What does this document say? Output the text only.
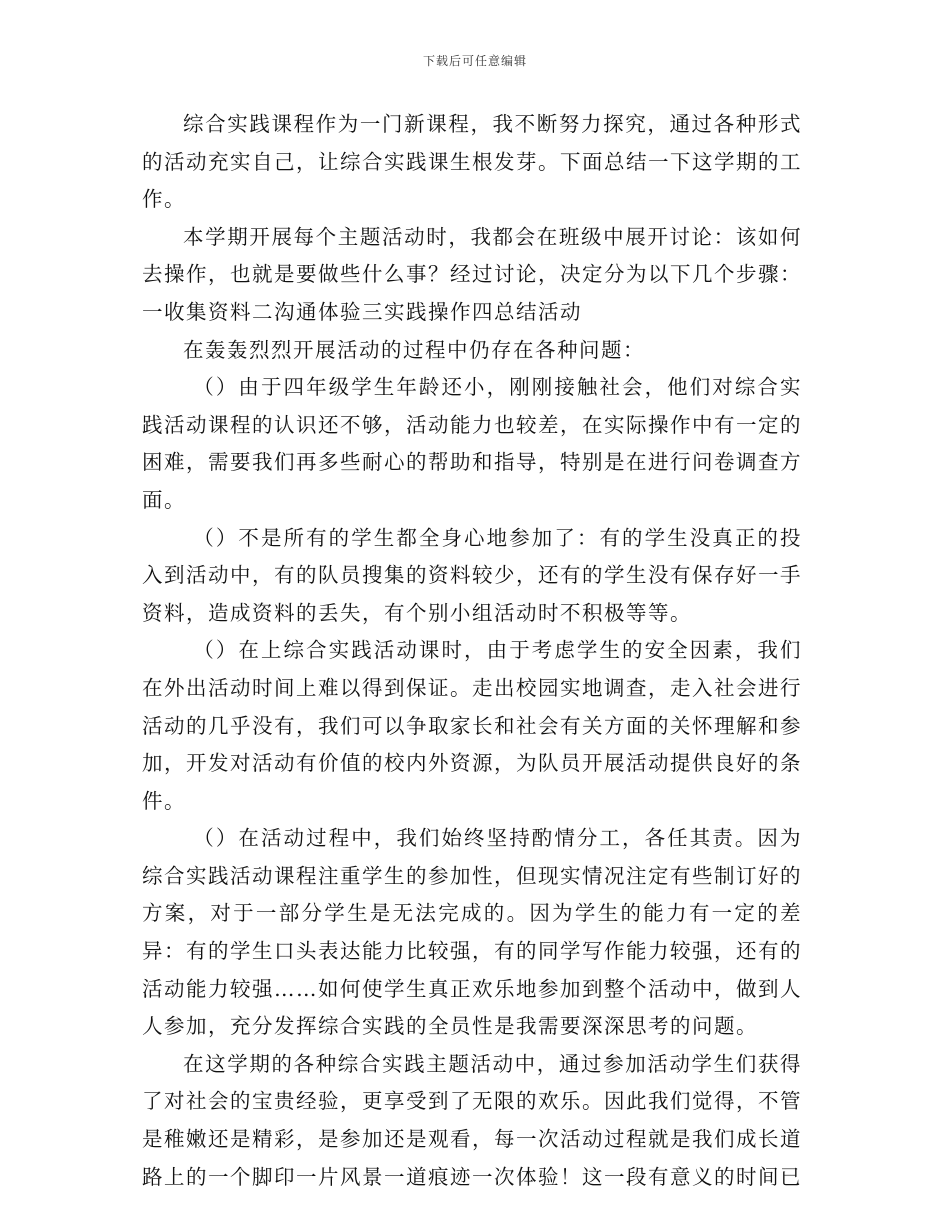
下载后可任意编辑

综合实践课程作为一门新课程，我不断努力探究，通过各种形式的活动充实自己，让综合实践课生根发芽。下面总结一下这学期的工作。

本学期开展每个主题活动时，我都会在班级中展开讨论：该如何去操作，也就是要做些什么事？经过讨论，决定分为以下几个步骤：

一收集资料二沟通体验三实践操作四总结活动

在轰轰烈烈开展活动的过程中仍存在各种问题：

（）由于四年级学生年龄还小，刚刚接触社会，他们对综合实践活动课程的认识还不够，活动能力也较差，在实际操作中有一定的困难，需要我们再多些耐心的帮助和指导，特别是在进行问卷调查方面。

（）不是所有的学生都全身心地参加了：有的学生没真正的投入到活动中，有的队员搜集的资料较少，还有的学生没有保存好一手资料，造成资料的丢失，有个别小组活动时不积极等等。

（）在上综合实践活动课时，由于考虑学生的安全因素，我们在外出活动时间上难以得到保证。走出校园实地调查，走入社会进行活动的几乎没有，我们可以争取家长和社会有关方面的关怀理解和参加，开发对活动有价值的校内外资源，为队员开展活动提供良好的条件。

（）在活动过程中，我们始终坚持酌情分工，各任其责。因为综合实践活动课程注重学生的参加性，但现实情况注定有些制订好的方案，对于一部分学生是无法完成的。因为学生的能力有一定的差异：有的学生口头表达能力比较强，有的同学写作能力较强，还有的活动能力较强……如何使学生真正欢乐地参加到整个活动中，做到人人参加，充分发挥综合实践的全员性是我需要深深思考的问题。

在这学期的各种综合实践主题活动中，通过参加活动学生们获得了对社会的宝贵经验，更享受到了无限的欢乐。因此我们觉得，不管是稚嫩还是精彩，是参加还是观看，每一次活动过程就是我们成长道路上的一个脚印一片风景一道痕迹一次体验！这一段有意义的时间已
